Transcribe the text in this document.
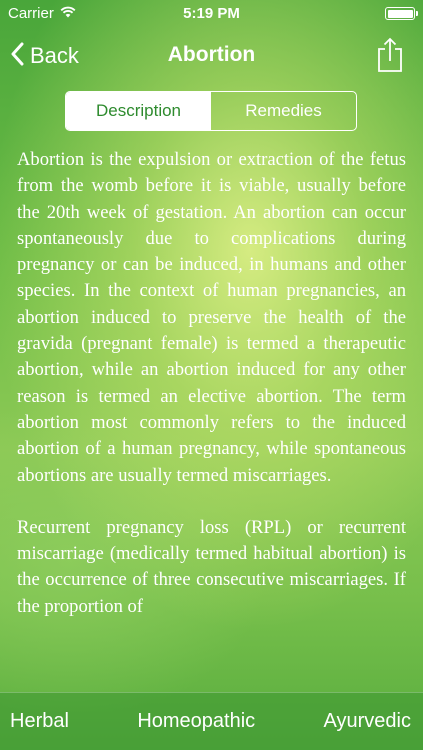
Carrier	5:19 PM
Back	Abortion
Description	Remedies

Abortion is the expulsion or extraction of the fetus from the womb before it is viable, usually before the 20th week of gestation. An abortion can occur spontaneously due to complications during pregnancy or can be induced, in humans and other species. In the context of human pregnancies, an abortion induced to preserve the health of the gravida (pregnant female) is termed a therapeutic abortion, while an abortion induced for any other reason is termed an elective abortion. The term abortion most commonly refers to the induced abortion of a human pregnancy, while spontaneous abortions are usually termed miscarriages.

Recurrent pregnancy loss (RPL) or recurrent miscarriage (medically termed habitual abortion) is the occurrence of three consecutive miscarriages. If the proportion of

Herbal	Homeopathic	Ayurvedic
